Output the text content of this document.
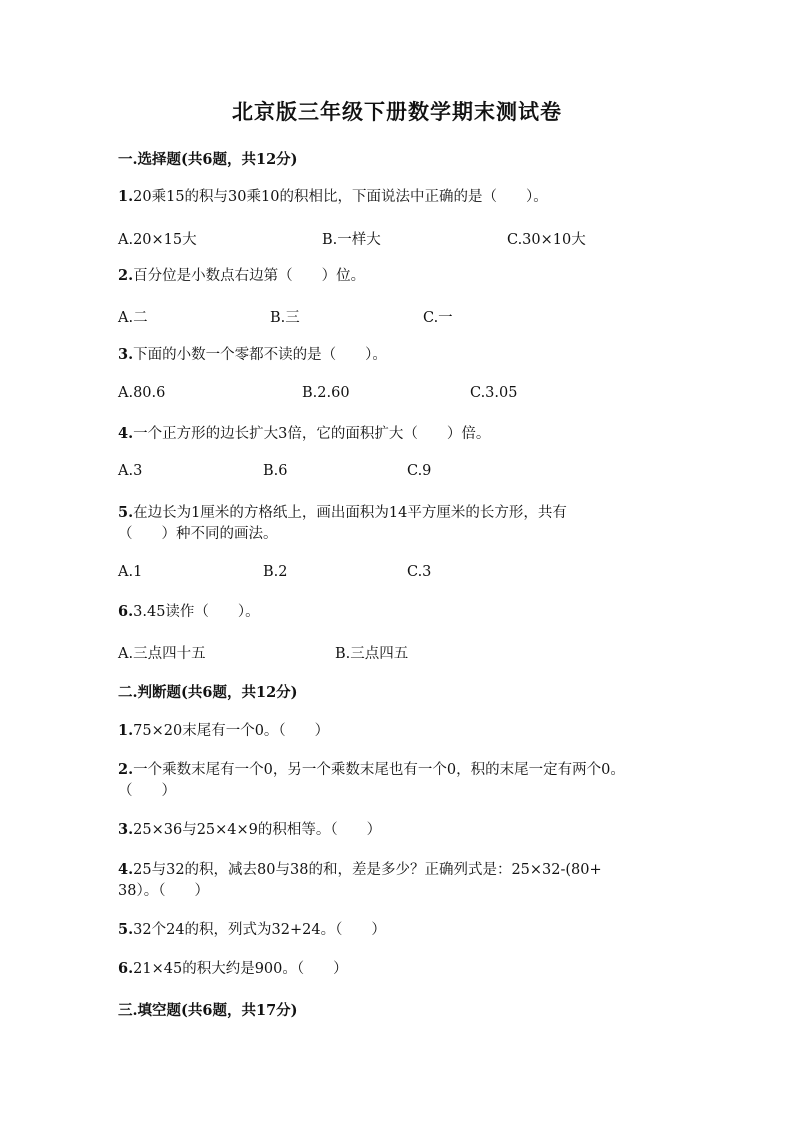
北京版三年级下册数学期末测试卷
一.选择题(共6题，共12分)
1.20乘15的积与30乘10的积相比，下面说法中正确的是（　　）。
A.20×15大	B.一样大	C.30×10大
2.百分位是小数点右边第（　　）位。
A.二	B.三	C.一
3.下面的小数一个零都不读的是（　　）。
A.80.6	B.2.60	C.3.05
4.一个正方形的边长扩大3倍，它的面积扩大（　　）倍。
A.3	B.6	C.9
5.在边长为1厘米的方格纸上，画出面积为14平方厘米的长方形，共有
（　　）种不同的画法。
A.1	B.2	C.3
6.3.45读作（　　）。
A.三点四十五	B.三点四五
二.判断题(共6题，共12分)
1.75×20末尾有一个0。（　　）
2.一个乘数末尾有一个0，另一个乘数末尾也有一个0，积的末尾一定有两个0。
（　　）
3.25×36与25×4×9的积相等。（　　）
4.25与32的积，减去80与38的和，差是多少？正确列式是：25×32-(80+
38）。（　　）
5.32个24的积，列式为32+24。（　　）
6.21×45的积大约是900。（　　）
三.填空题(共6题，共17分)
